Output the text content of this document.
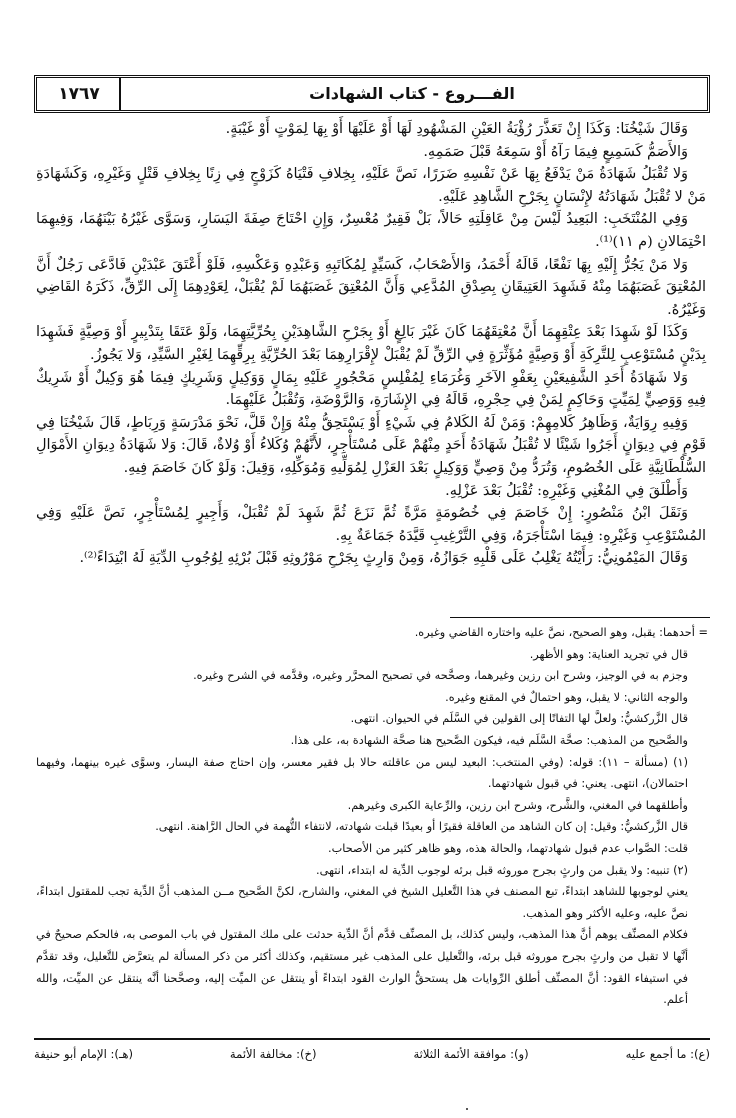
١٧٦٧	الفـــروع - كتاب الشهادات

وَقَالَ شَيْخُنَا: وَكَذَا إِنْ تَعَذَّرَ رُؤْيَةُ العَيْنِ المَشْهُودِ لَهَا أَوْ عَلَيْهَا أَوْ بِهَا لِمَوْتٍ أَوْ غَيْبَةٍ.

وَالأَصَمُّ كَسَمِيعٍ فِيمَا رَآهُ أَوْ سَمِعَهُ قَبْلَ صَمَمِهِ.

وَلا تُقْبَلُ شَهَادَةُ مَنْ يَدْفَعُ بِهَا عَنْ نَفْسِهِ ضَرَرًا، نَصَّ عَلَيْهِ، بِخِلافِ فَتْيَاهُ كَزَوْجٍ فِي زِنًا بِخِلافِ قَتْلٍ وَغَيْرِهِ، وَكَشَهَادَةِ مَنْ لا تُقْبَلُ شَهَادَتُهُ لإِنْسَانٍ بِجَرْحِ الشَّاهِدِ عَلَيْهِ.

وَفِي المُنْتَخَبِ: البَعِيدُ لَيْسَ مِنْ عَاقِلَتِهِ حَالاً، بَلْ فَقِيرٌ مُعْسِرٌ، وَإِنِ احْتَاجَ صِفَةَ اليَسَارِ، وَسَوَّى غَيْرُهُ بَيْنَهُمَا، وَفِيهِمَا احْتِمَالانِ (م ١١)⁽¹⁾.

وَلا مَنْ يَجُرُّ إِلَيْهِ بِهَا نَفْعًا، قَالَهُ أَحْمَدُ، وَالأَصْحَابُ، كَسَيِّدٍ لِمُكَاتَبِهِ وَعَبْدِهِ وَعَكْسِهِ، فَلَوْ أَعْتَقَ عَبْدَيْنِ فَادَّعَى رَجُلٌ أَنَّ المُعْتِقَ غَصَبَهُمَا مِنْهُ فَشَهِدَ العَتِيقَانِ بِصِدْقِ المُدَّعِي وَأَنَّ المُعْتِقَ غَصَبَهُمَا لَمْ يُقْبَلْ، لِعَوْدِهِمَا إِلَى الرِّقِّ، ذَكَرَهُ القَاضِي وَغَيْرُهُ.

وَكَذَا لَوْ شَهِدَا بَعْدَ عِتْقِهِمَا أَنَّ مُعْتِقَهُمَا كَانَ غَيْرَ بَالِغٍ أَوْ بِجَرْحِ الشَّاهِدَيْنِ بِحُرِّيَّتِهِمَا، وَلَوْ عَتَقَا بِتَدْبِيرٍ أَوْ وَصِيَّةٍ فَشَهِدَا بِدَيْنٍ مُسْتَوْعِبٍ لِلتَّرِكَةِ أَوْ وَصِيَّةٍ مُؤَثِّرَةٍ فِي الرِّقِّ لَمْ يُقْبَلْ لإِقْرَارِهِمَا بَعْدَ الحُرِّيَّةِ بِرِقِّهِمَا لِغَيْرِ السَّيِّدِ، وَلا يَجُوزُ.

وَلا شَهَادَةُ أَحَدِ الشَّفِيعَيْنِ بِعَفْوِ الآخَرِ وَغُرَمَاءِ لِمُفْلِسٍ مَحْجُورٍ عَلَيْهِ بِمَالٍ وَوَكِيلٍ وَشَرِيكٍ فِيمَا هُوَ وَكِيلٌ أَوْ شَرِيكٌ فِيهِ وَوَصِيٍّ لِمَيِّتٍ وَحَاكِمٍ لِمَنْ فِي حِجْرِهِ، قَالَهُ فِي الإِشَارَةِ، وَالرَّوْضَةِ، وَتُقْبَلُ عَلَيْهِمَا.

وَفِيهِ رِوَايَةٌ، وَظَاهِرُ كَلامِهِمْ: وَمَنْ لَهُ الكَلامُ فِي شَيْءٍ أَوْ يَسْتَحِقُّ مِنْهُ وَإِنْ قَلَّ، نَحْوَ مَدْرَسَةٍ وَرِبَاطٍ، قَالَ شَيْخُنَا فِي قَوْمٍ فِي دِيوَانٍ أَجَرُوا شَيْئًا لا تُقْبَلُ شَهَادَةُ أَحَدٍ مِنْهُمْ عَلَى مُسْتَأْجِرٍ، لأَنَّهُمْ وُكَلاءُ أَوْ وُلاةٌ، قَالَ: وَلا شَهَادَةُ دِيوَانِ الأَمْوَالِ السُّلْطَانِيَّةِ عَلَى الخُصُومِ، وَتُرَدُّ مِنْ وَصِيٍّ وَوَكِيلٍ بَعْدَ العَزْلِ لِمُوَلِّيهِ وَمُوَكِّلِهِ، وَقِيلَ: وَلَوْ كَانَ خَاصَمَ فِيهِ.

وَأَطْلَقَ فِي المُغْنِي وَغَيْرِهِ: تُقْبَلُ بَعْدَ عَزْلِهِ.

وَنَقَلَ ابْنُ مَنْصُورٍ: إِنْ خَاصَمَ فِي خُصُومَةٍ مَرَّةً ثُمَّ نَزَعَ ثُمَّ شَهِدَ لَمْ تُقْبَلْ، وَأَجِيرٍ لِمُسْتَأْجِرٍ، نَصَّ عَلَيْهِ وَفِي المُسْتَوْعِبِ وَغَيْرِهِ: فِيمَا اسْتَأْجَرَهُ، وَفِي التَّرْغِيبِ قَيَّدَهُ جَمَاعَةٌ بِهِ.

وَقَالَ المَيْمُونِيُّ: رَأَيْتُهُ يَغْلِبُ عَلَى قَلْبِهِ جَوَازُهُ، وَمِنْ وَارِثٍ بِجَرْحِ مَوْرُوثِهِ قَبْلَ بُرْئِهِ لِوُجُوبِ الدِّيَةِ لَهُ ابْتِدَاءً⁽²⁾.

= أحدهما: يقبل، وهو الصحيح، نصَّ عليه واختاره القاضي وغيره.

قال في تجريد العناية: وهو الأظهر.

وجزم به في الوجيز، وشرح ابن رزين وغيرهما، وصحَّحه في تصحيح المحرَّر وغيره، وقدَّمه في الشرح وغيره.

والوجه الثاني: لا يقبل، وهو احتمالٌ في المقنع وغيره.

قال الزَّركشيُّ: ولعلَّ لها التفاتًا إلى القولين في السَّلَم في الحيوان. انتهى.

والصَّحيح من المذهب: صحَّة السَّلَم فيه، فيكون الصَّحيح هنا صحَّة الشهادة به، على هذا.

(١) (مسألة – ١١): قوله: (وفي المنتخب: البعيد ليس من عاقلته حالا بل فقير معسر، وإن احتاج صفة اليسار، وسوَّى غيره بينهما، وفيهما احتمالان)، انتهى. يعني: في قبول شهادتهما.

وأطلقهما في المغني، والشَّرح، وشرح ابن رزين، والرِّعاية الكبرى وغيرهم.

قال الزَّركشيُّ: وقيل: إن كان الشاهد من العاقلة فقيرًا أو بعيدًا قبلت شهادته، لانتفاء التُّهمة في الحال الرَّاهنة. انتهى.

قلت: الصَّواب عدم قبول شهادتهما، والحالة هذه، وهو ظاهر كثير من الأصحاب.

(٢) تنبيه: ولا يقبل من وارثٍ بجرح موروثه قبل برئه لوجوب الدِّية له ابتداء، انتهى.

يعني لوجوبها للشاهد ابتداءً، تبع المصنف في هذا التَّعليل الشيخ في المغني، والشارح، لكنَّ الصَّحيح مــن المذهب أنَّ الدِّية تجب للمقتول ابتداءً، نصَّ عليه، وعليه الأكثر وهو المذهب.

فكلام المصنِّف يوهم أنَّ هذا المذهب، وليس كذلك، بل المصنِّف قدَّم أنَّ الدِّية حدثت على ملك المقتول في باب الموصى به، فالحكم صحيحٌ في أنَّها لا تقبل من وارثٍ بجرح موروثه قبل برئه، والتَّعليل على المذهب غير مستقيم، وكذلك أكثر من ذكر المسألة لم يتعرَّض للتَّعليل، وقد تقدَّم في استيفاء القود: أنَّ المصنِّف أطلق الرِّوايات هل يستحقُّ الوارث القود ابتداءً أو ينتقل عن الميِّت إليه، وصحَّحنا أنَّه ينتقل عن الميِّت، والله أعلم.

(ع): ما أجمع عليه
(و): موافقة الأئمة الثلاثة
(خ): مخالفة الأئمة
(هـ): الإمام أبو حنيفة
